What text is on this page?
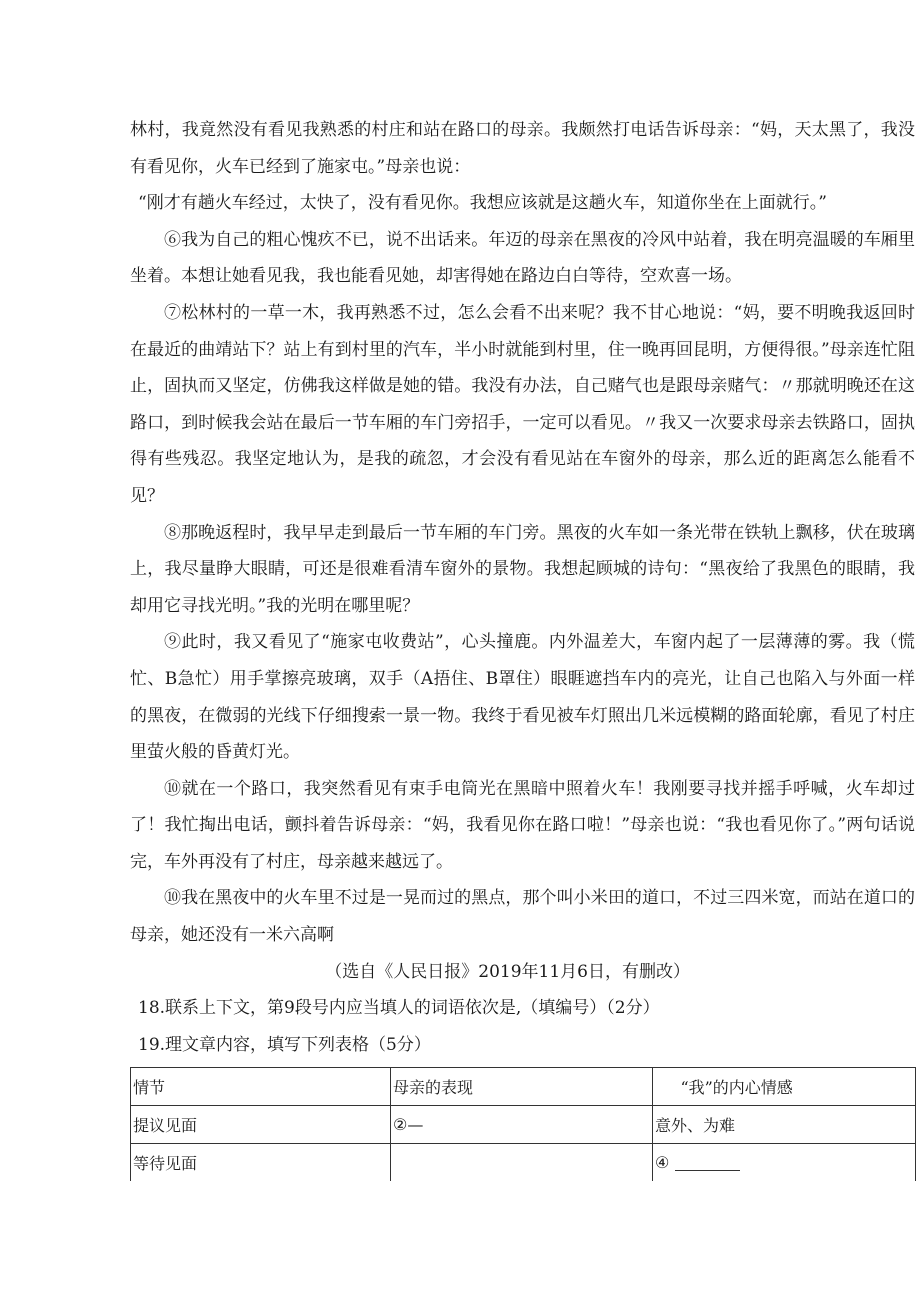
林村，我竟然没有看见我熟悉的村庄和站在路口的母亲。我颇然打电话告诉母亲：“妈，天太黑了，我没有看见你，火车已经到了施家屯。”母亲也说：

“刚才有趟火车经过，太快了，没有看见你。我想应该就是这趟火车，知道你坐在上面就行。”

⑥我为自己的粗心愧疚不已，说不出话来。年迈的母亲在黑夜的冷风中站着，我在明亮温暖的车厢里坐着。本想让她看见我，我也能看见她，却害得她在路边白白等待，空欢喜一场。

⑦松林村的一草一木，我再熟悉不过，怎么会看不出来呢？我不甘心地说：“妈，要不明晚我返回时在最近的曲靖站下？站上有到村里的汽车，半小时就能到村里，住一晚再回昆明，方便得很。”母亲连忙阻止，固执而又坚定，仿佛我这样做是她的错。我没有办法，自己赌气也是跟母亲赌气：〃那就明晚还在这路口，到时候我会站在最后一节车厢的车门旁招手，一定可以看见。〃我又一次要求母亲去铁路口，固执得有些残忍。我坚定地认为，是我的疏忽，才会没有看见站在车窗外的母亲，那么近的距离怎么能看不见？

⑧那晚返程时，我早早走到最后一节车厢的车门旁。黑夜的火车如一条光带在铁轨上飘移，伏在玻璃上，我尽量睁大眼睛，可还是很难看清车窗外的景物。我想起顾城的诗句：“黑夜给了我黑色的眼睛，我却用它寻找光明。”我的光明在哪里呢？

⑨此时，我又看见了“施家屯收费站”，心头撞鹿。内外温差大，车窗内起了一层薄薄的雾。我（慌忙、B急忙）用手掌擦亮玻璃，双手（A捂住、B罩住）眼睚遮挡车内的亮光，让自己也陷入与外面一样的黑夜，在微弱的光线下仔细搜索一景一物。我终于看见被车灯照出几米远模糊的路面轮廓，看见了村庄里萤火般的昏黄灯光。

⑩就在一个路口，我突然看见有束手电筒光在黑暗中照着火车！我刚要寻找并摇手呼喊，火车却过了！我忙掏出电话，颤抖着告诉母亲：“妈，我看见你在路口啦！”母亲也说：“我也看见你了。”两句话说完，车外再没有了村庄，母亲越来越远了。

⑩我在黑夜中的火车里不过是一晃而过的黑点，那个叫小米田的道口，不过三四米宽，而站在道口的母亲，她还没有一米六高啊

（选自《人民日报》2019年11月6日，有删改）

18.联系上下文，第9段号内应当填人的词语依次是,（填编号）（2分）

19.理文章内容，填写下列表格（5分）

情节	母亲的表现	“我”的内心情感
提议见面	②—	意外、为难
等待见面		④
